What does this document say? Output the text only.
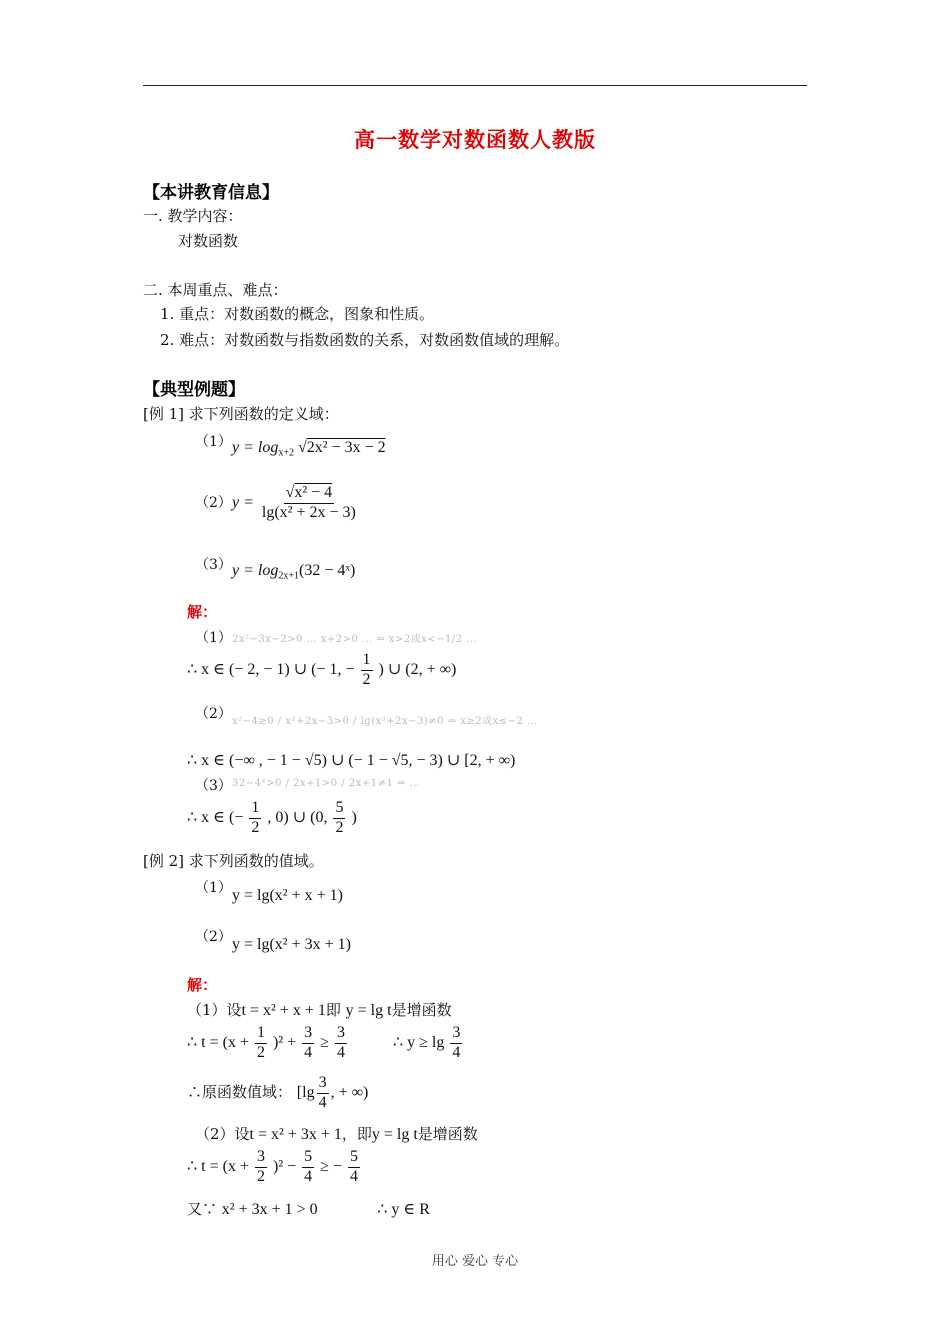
高一数学对数函数人教版
【本讲教育信息】
一. 教学内容：
对数函数
二. 本周重点、难点：
1. 重点：对数函数的概念，图象和性质。
2. 难点：对数函数与指数函数的关系，对数函数值域的理解。
【典型例题】
[例 1] 求下列函数的定义域：
（1） $y = \log_{x+2} √2x^2 - 3x - 2$
（2） $y = \frac{\text{√x² − 4}}{\text{lg(x² + 2x − 3)}}$
（3） $y = \log_{2x+1}(32$ − 4ˣ)
解：
（1） 2x²−3x−2>0 … x+2>0 … ⇒ x>2或x<−1/2 …
∴ x ∈ (− 2, − 1) ∪ (− 1, − $\frac{1}{2}$ ) ∪ (2, + ∞)
（2） x²−4≥0 / x²+2x−3>0 / lg(x²+2x−3)≠0 ⇒ x≥2或x≤−2 …
∴ x ∈ (−∞ , − 1 − √5) ∪ (− 1 − √5, − 3) ∪ [2, + ∞)
（3） 32−4ˣ>0 / 2x+1>0 / 2x+1≠1 ⇒ …
∴ x ∈ (− $\frac{1}{2}$ , 0) ∪ (0, $\frac{5}{2}$ )
[例 2] 求下列函数的值域。
（1） y = lg(x² + x + 1)
（2） y = lg(x² + 3x + 1)
解：
（1）设t = x² + x + 1即 y = lg t是增函数
∴ $t = (x + \frac{1}{2} )^2 + \frac{3}{4} \ge \frac{3}{4}$	∴ $y \ge \lg \frac{3}{4}$
∴原函数值域： [$\lg \frac{3}{4}$ , + ∞)
（2）设t = x² + 3x + 1，即y = lg t是增函数
∴ $t = (x + \frac{3}{2} )^2 - \frac{5}{4}$ ≥ − $\frac{5}{4}$
又∵ x² + 3x + 1 > 0	∴ y ∈ R
用心 爱心 专心
